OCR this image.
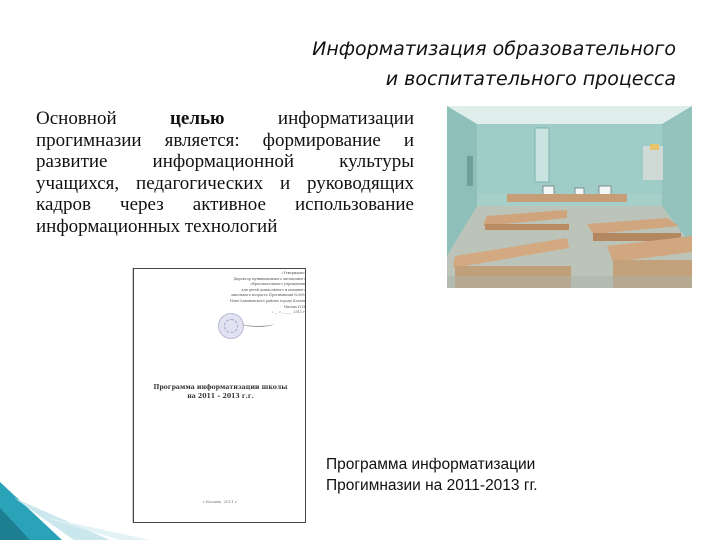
Информатизация образовательного
и воспитательного процесса
Основной	целью	информатизации прогимназии является: формирование и развитие информационной культуры учащихся, педагогических и руководящих кадров через активное использование информационных технологий
«Утверждаю»
Директор муниципального автономного
образовательного учреждения
для детей дошкольного и младшего
школьного возраста Прогимназия №369»
Ново-Савиновского района города Казани
Низова И.И.
« __ » ______ 2011 г.
Программа информатизации школы
на 2011 – 2013 г.г.
г.Казань, 2011 г.
Программа информатизации
Прогимназии на 2011-2013 гг.
